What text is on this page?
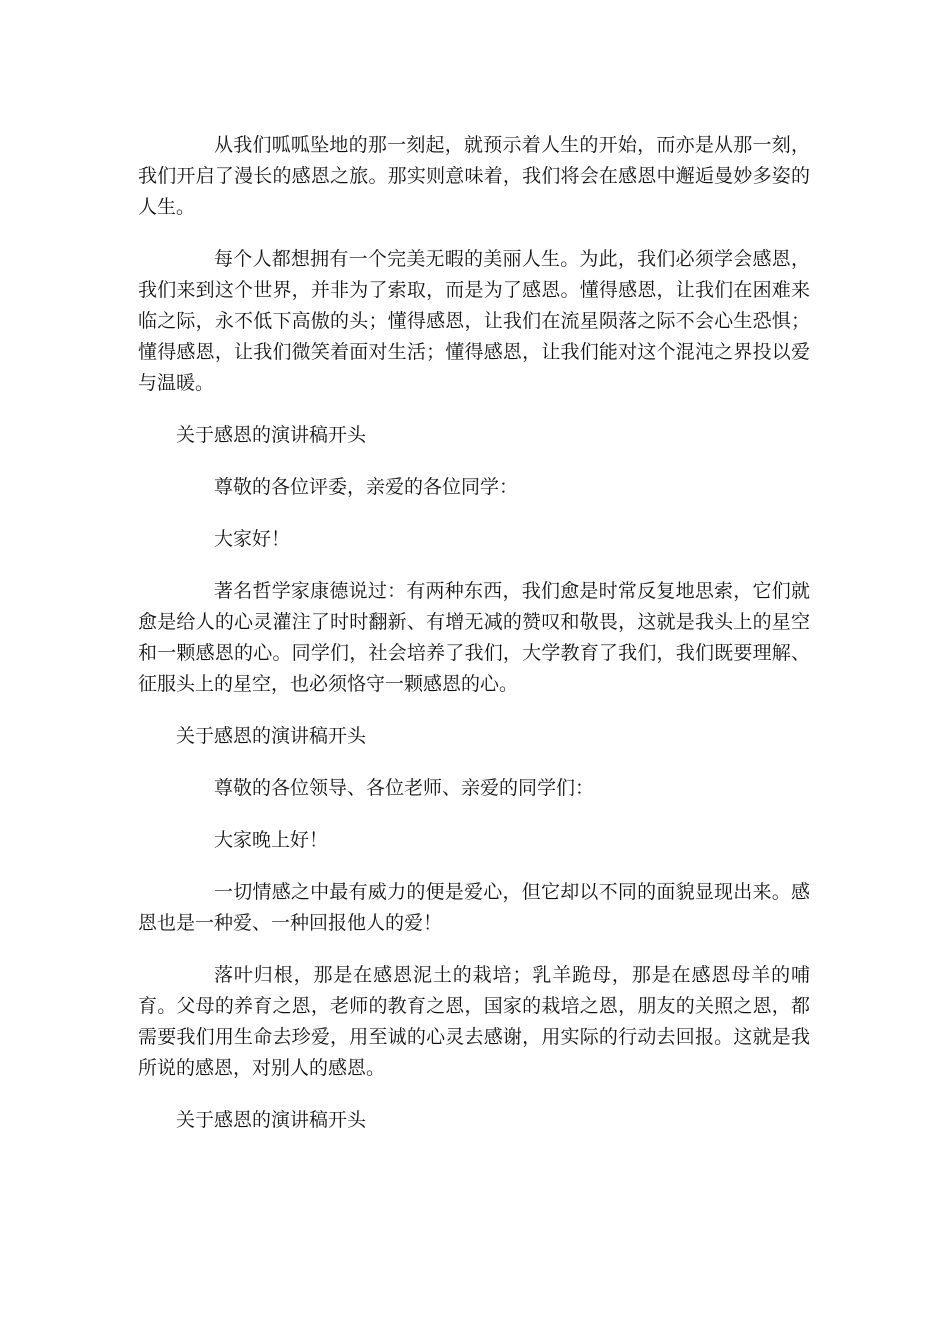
从我们呱呱坠地的那一刻起，就预示着人生的开始，而亦是从那一刻，我们开启了漫长的感恩之旅。那实则意味着，我们将会在感恩中邂逅曼妙多姿的人生。

每个人都想拥有一个完美无暇的美丽人生。为此，我们必须学会感恩，我们来到这个世界，并非为了索取，而是为了感恩。懂得感恩，让我们在困难来临之际，永不低下高傲的头；懂得感恩，让我们在流星陨落之际不会心生恐惧；懂得感恩，让我们微笑着面对生活；懂得感恩，让我们能对这个混沌之界投以爱与温暖。

关于感恩的演讲稿开头

尊敬的各位评委，亲爱的各位同学：

大家好！

著名哲学家康德说过：有两种东西，我们愈是时常反复地思索，它们就愈是给人的心灵灌注了时时翻新、有增无减的赞叹和敬畏，这就是我头上的星空和一颗感恩的心。同学们，社会培养了我们，大学教育了我们，我们既要理解、征服头上的星空，也必须恪守一颗感恩的心。

关于感恩的演讲稿开头

尊敬的各位领导、各位老师、亲爱的同学们：

大家晚上好！

一切情感之中最有威力的便是爱心，但它却以不同的面貌显现出来。感恩也是一种爱、一种回报他人的爱！

落叶归根，那是在感恩泥土的栽培；乳羊跪母，那是在感恩母羊的哺育。父母的养育之恩，老师的教育之恩，国家的栽培之恩，朋友的关照之恩，都需要我们用生命去珍爱，用至诚的心灵去感谢，用实际的行动去回报。这就是我所说的感恩，对别人的感恩。

关于感恩的演讲稿开头
